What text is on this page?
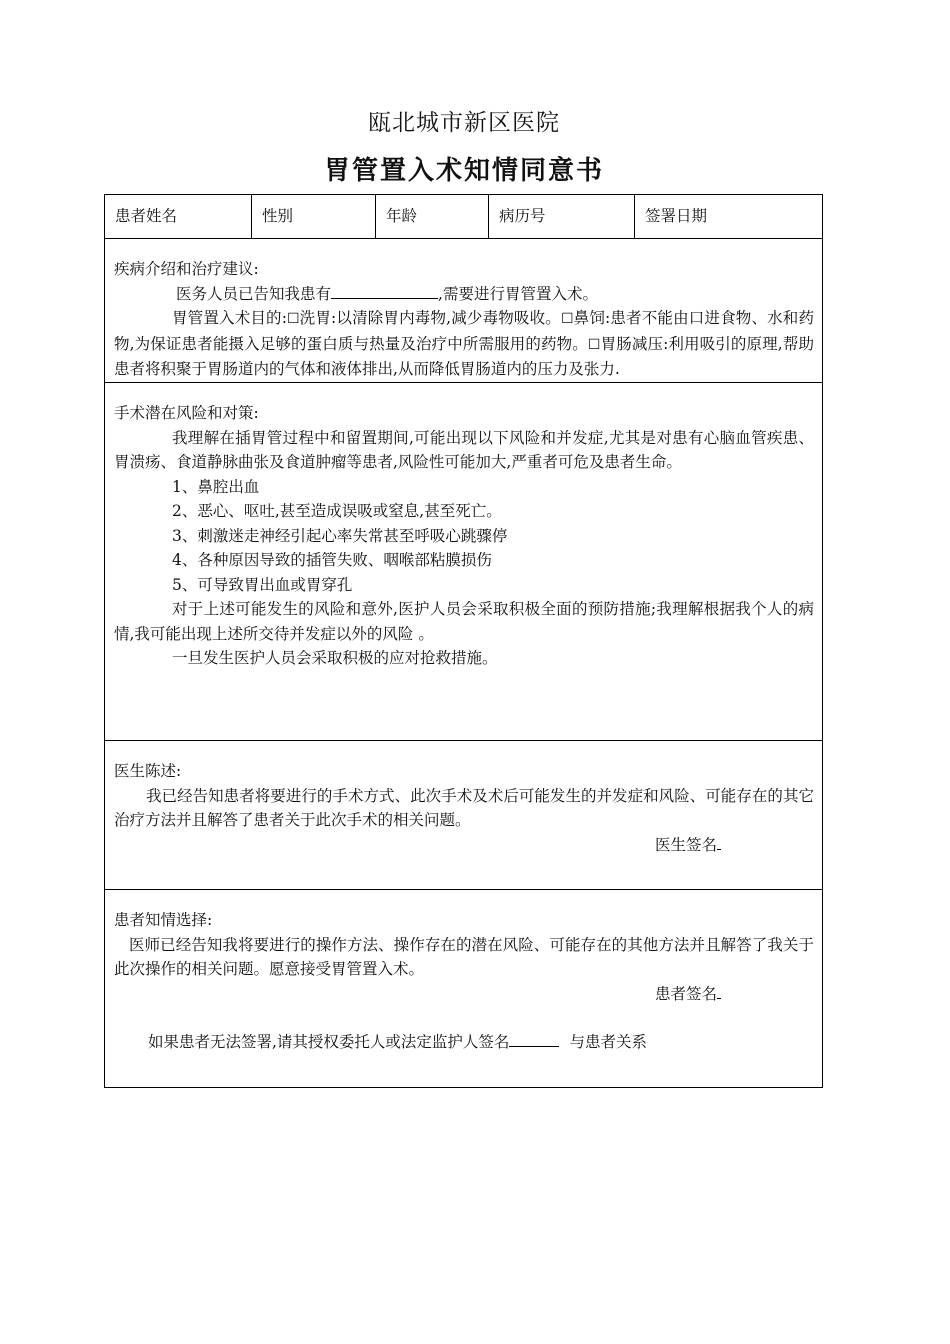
瓯北城市新区医院
胃管置入术知情同意书
患者姓名	性别	年龄	病历号	签署日期

疾病介绍和治疗建议:

医务人员已告知我患有	,需要进行胃管置入术。

胃管置入术目的:☐洗胃:以清除胃内毒物,减少毒物吸收。☐鼻饲:患者不能由口进食物、水和药物,为保证患者能摄入足够的蛋白质与热量及治疗中所需服用的药物。☐胃肠减压:利用吸引的原理,帮助患者将积聚于胃肠道内的气体和液体排出,从而降低胃肠道内的压力及张力.

手术潜在风险和对策:

我理解在插胃管过程中和留置期间,可能出现以下风险和并发症,尤其是对患有心脑血管疾患、胃溃疡、食道静脉曲张及食道肿瘤等患者,风险性可能加大,严重者可危及患者生命。

1、鼻腔出血

2、恶心、呕吐,甚至造成误吸或窒息,甚至死亡。

3、刺激迷走神经引起心率失常甚至呼吸心跳骤停

4、各种原因导致的插管失败、咽喉部粘膜损伤

5、可导致胃出血或胃穿孔

对于上述可能发生的风险和意外,医护人员会采取积极全面的预防措施;我理解根据我个人的病情,我可能出现上述所交待并发症以外的风险 。

一旦发生医护人员会采取积极的应对抢救措施。

医生陈述:

我已经告知患者将要进行的手术方式、此次手术及术后可能发生的并发症和风险、可能存在的其它治疗方法并且解答了患者关于此次手术的相关问题。

医生签名

患者知情选择:

医师已经告知我将要进行的操作方法、操作存在的潜在风险、可能存在的其他方法并且解答了我关于此次操作的相关问题。愿意接受胃管置入术。

患者签名

如果患者无法签署,请其授权委托人或法定监护人签名	与患者关系
